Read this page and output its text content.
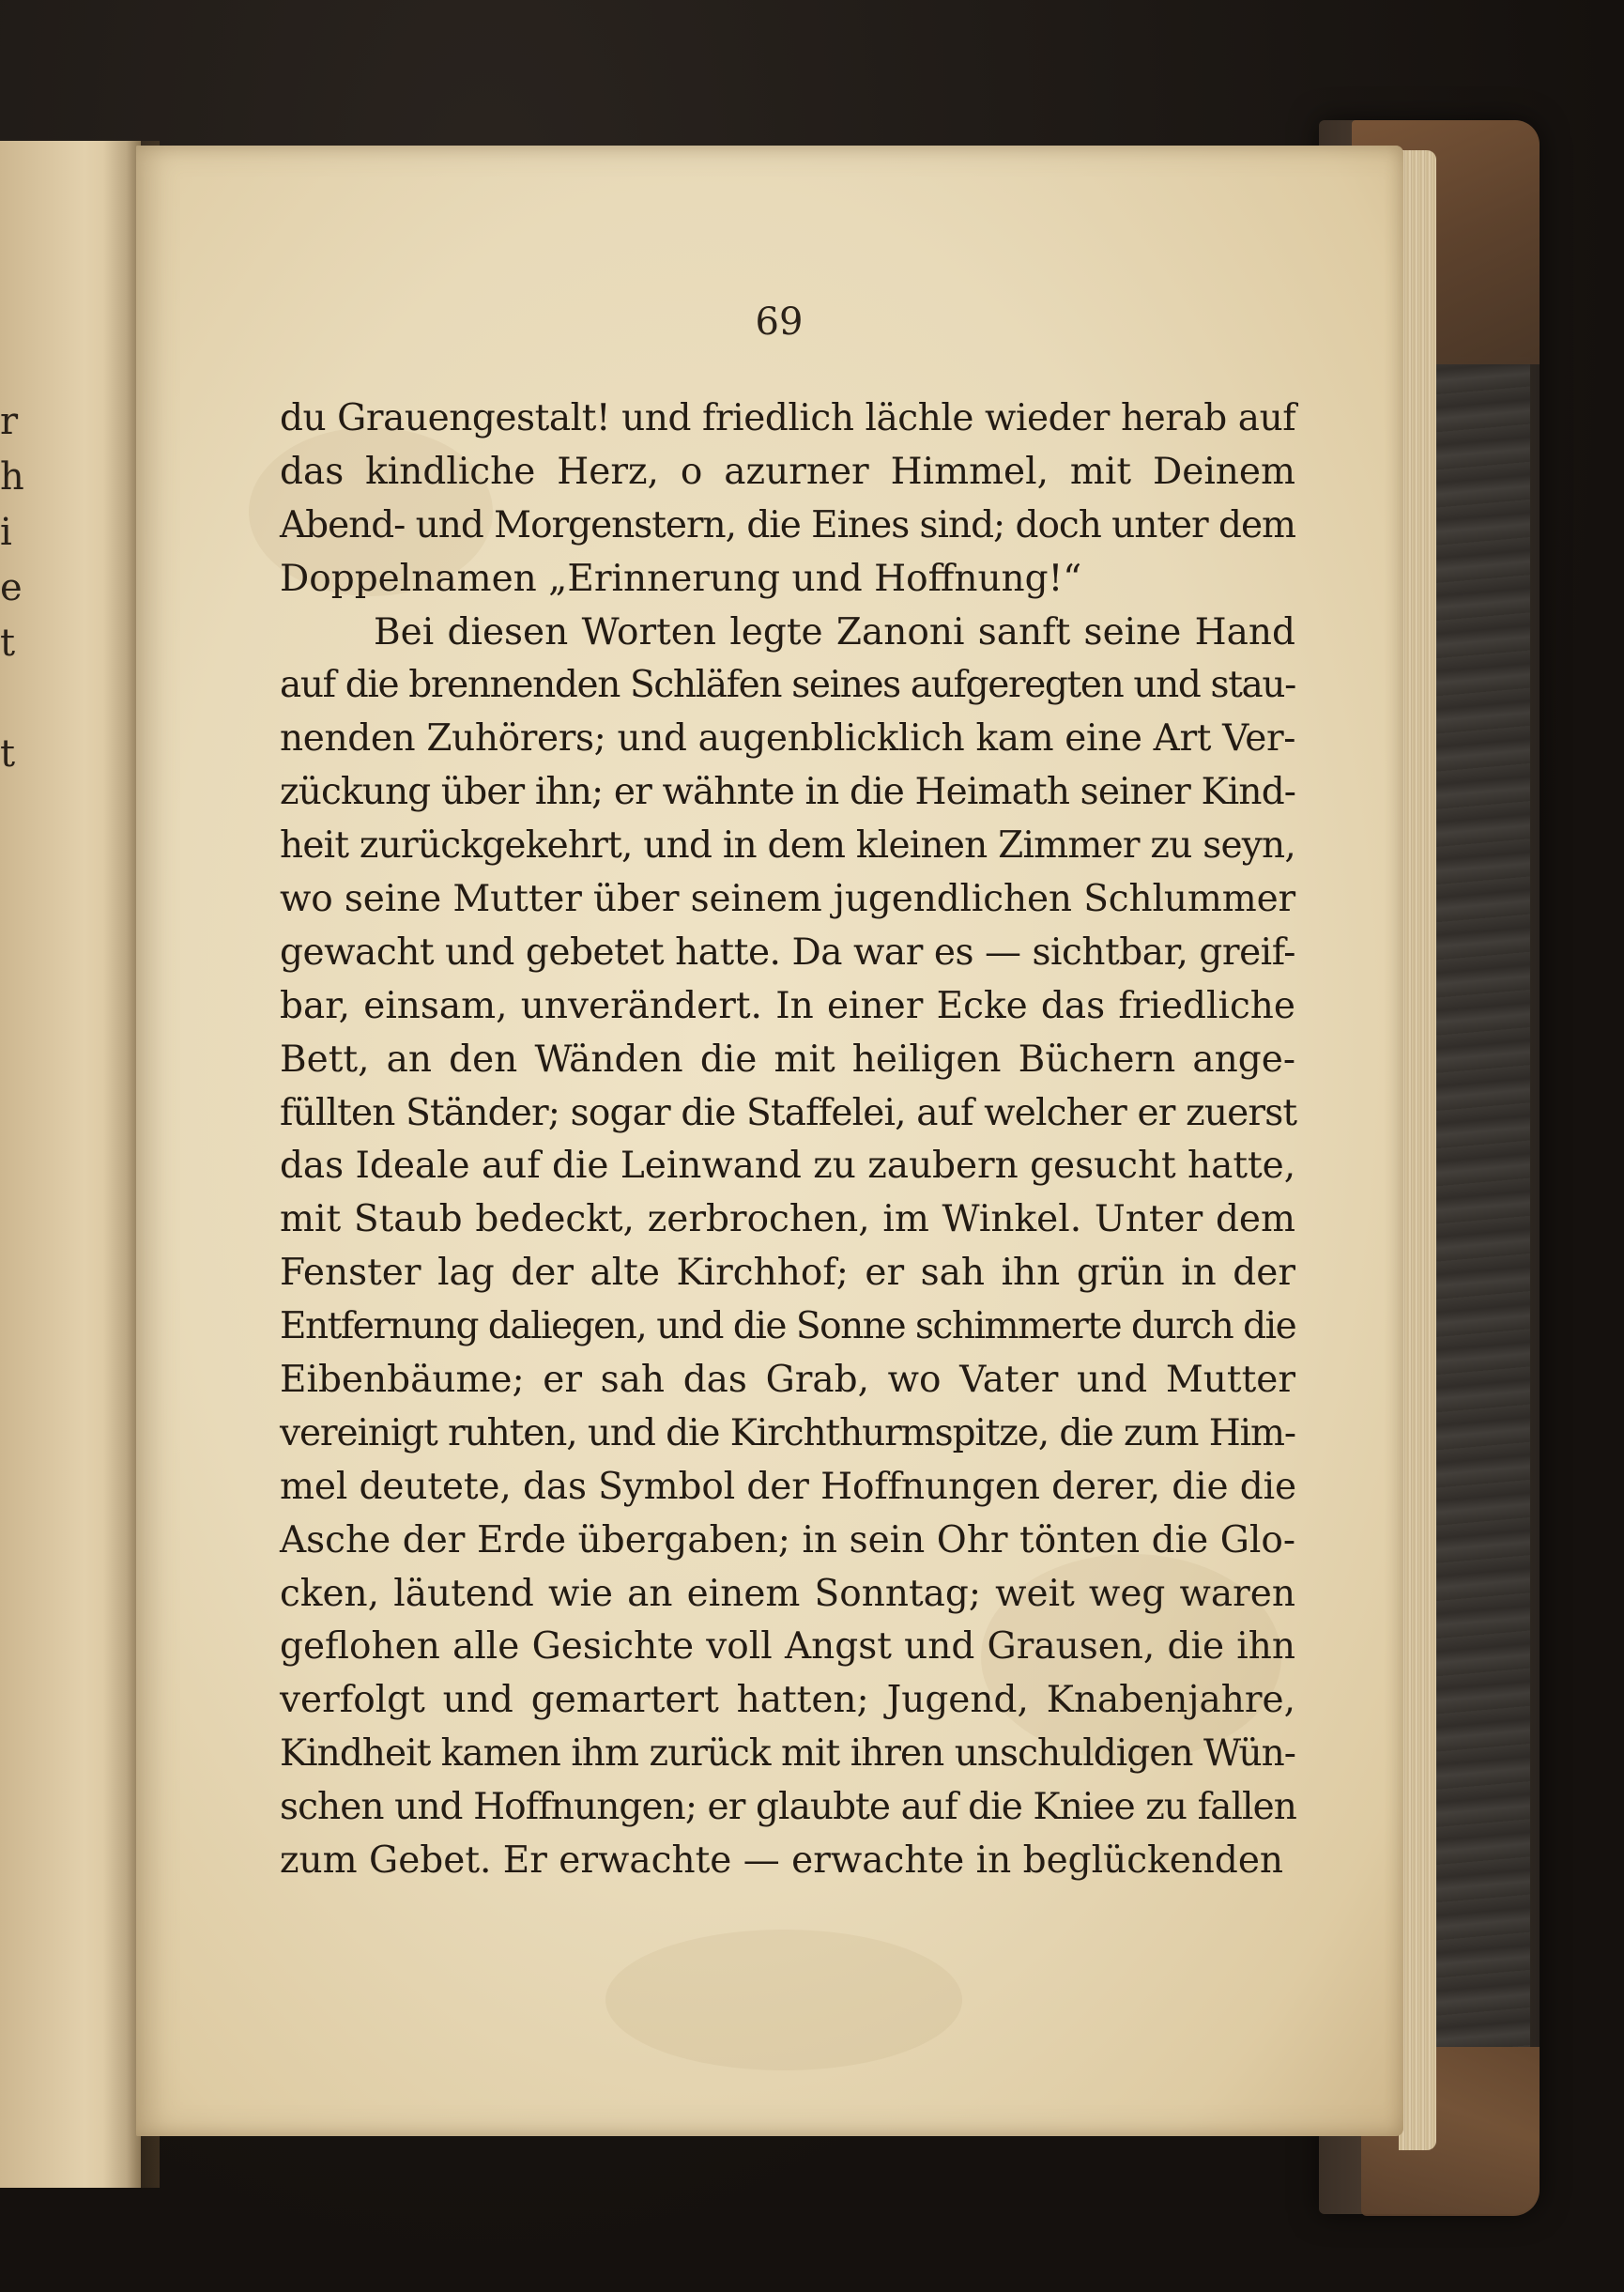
r
h
i
e
t
t
69
du Grauengestalt! und friedlich lächle wieder herab auf
das kindliche Herz, o azurner Himmel, mit Deinem
Abend- und Morgenstern, die Eines sind; doch unter dem
Doppelnamen „Erinnerung und Hoffnung!“
Bei diesen Worten legte Zanoni sanft seine Hand
auf die brennenden Schläfen seines aufgeregten und stau-
nenden Zuhörers; und augenblicklich kam eine Art Ver-
zückung über ihn; er wähnte in die Heimath seiner Kind-
heit zurückgekehrt, und in dem kleinen Zimmer zu seyn,
wo seine Mutter über seinem jugendlichen Schlummer
gewacht und gebetet hatte. Da war es — sichtbar, greif-
bar, einsam, unverändert. In einer Ecke das friedliche
Bett, an den Wänden die mit heiligen Büchern ange-
füllten Ständer; sogar die Staffelei, auf welcher er zuerst
das Ideale auf die Leinwand zu zaubern gesucht hatte,
mit Staub bedeckt, zerbrochen, im Winkel. Unter dem
Fenster lag der alte Kirchhof; er sah ihn grün in der
Entfernung daliegen, und die Sonne schimmerte durch die
Eibenbäume; er sah das Grab, wo Vater und Mutter
vereinigt ruhten, und die Kirchthurmspitze, die zum Him-
mel deutete, das Symbol der Hoffnungen derer, die die
Asche der Erde übergaben; in sein Ohr tönten die Glo-
cken, läutend wie an einem Sonntag; weit weg waren
geflohen alle Gesichte voll Angst und Grausen, die ihn
verfolgt und gemartert hatten; Jugend, Knabenjahre,
Kindheit kamen ihm zurück mit ihren unschuldigen Wün-
schen und Hoffnungen; er glaubte auf die Kniee zu fallen
zum Gebet. Er erwachte — erwachte in beglückenden
